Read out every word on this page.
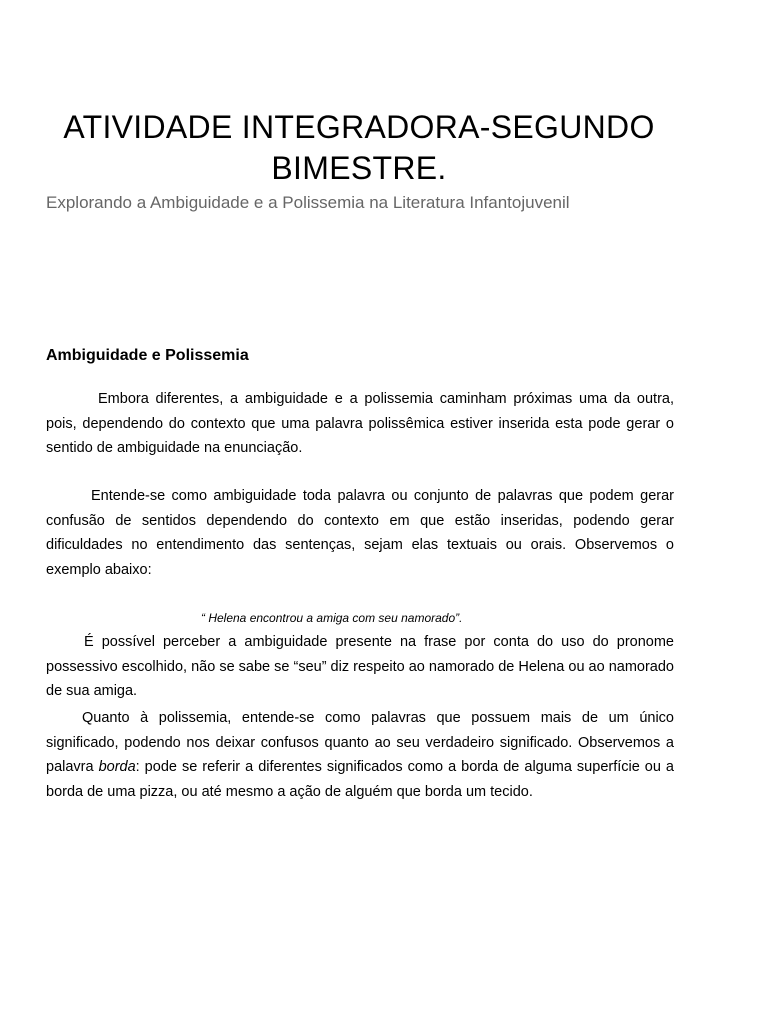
ATIVIDADE INTEGRADORA-SEGUNDO
BIMESTRE.
Explorando a Ambiguidade e a Polissemia na Literatura Infantojuvenil
Ambiguidade e Polissemia

Embora diferentes, a ambiguidade e a polissemia caminham próximas uma da outra, pois, dependendo do contexto que uma palavra polissêmica estiver inserida esta pode gerar o sentido de ambiguidade na enunciação.

Entende-se como ambiguidade toda palavra ou conjunto de palavras que podem gerar confusão de sentidos dependendo do contexto em que estão inseridas, podendo gerar dificuldades no entendimento das sentenças, sejam elas textuais ou orais. Observemos o exemplo abaixo:

“ Helena encontrou a amiga com seu namorado”.

É possível perceber a ambiguidade presente na frase por conta do uso do pronome possessivo escolhido, não se sabe se “seu” diz respeito ao namorado de Helena ou ao namorado de sua amiga.

Quanto à polissemia, entende-se como palavras que possuem mais de um único significado, podendo nos deixar confusos quanto ao seu verdadeiro significado. Observemos a palavra borda: pode se referir a diferentes significados como a borda de alguma superfície ou a borda de uma pizza, ou até mesmo a ação de alguém que borda um tecido.
